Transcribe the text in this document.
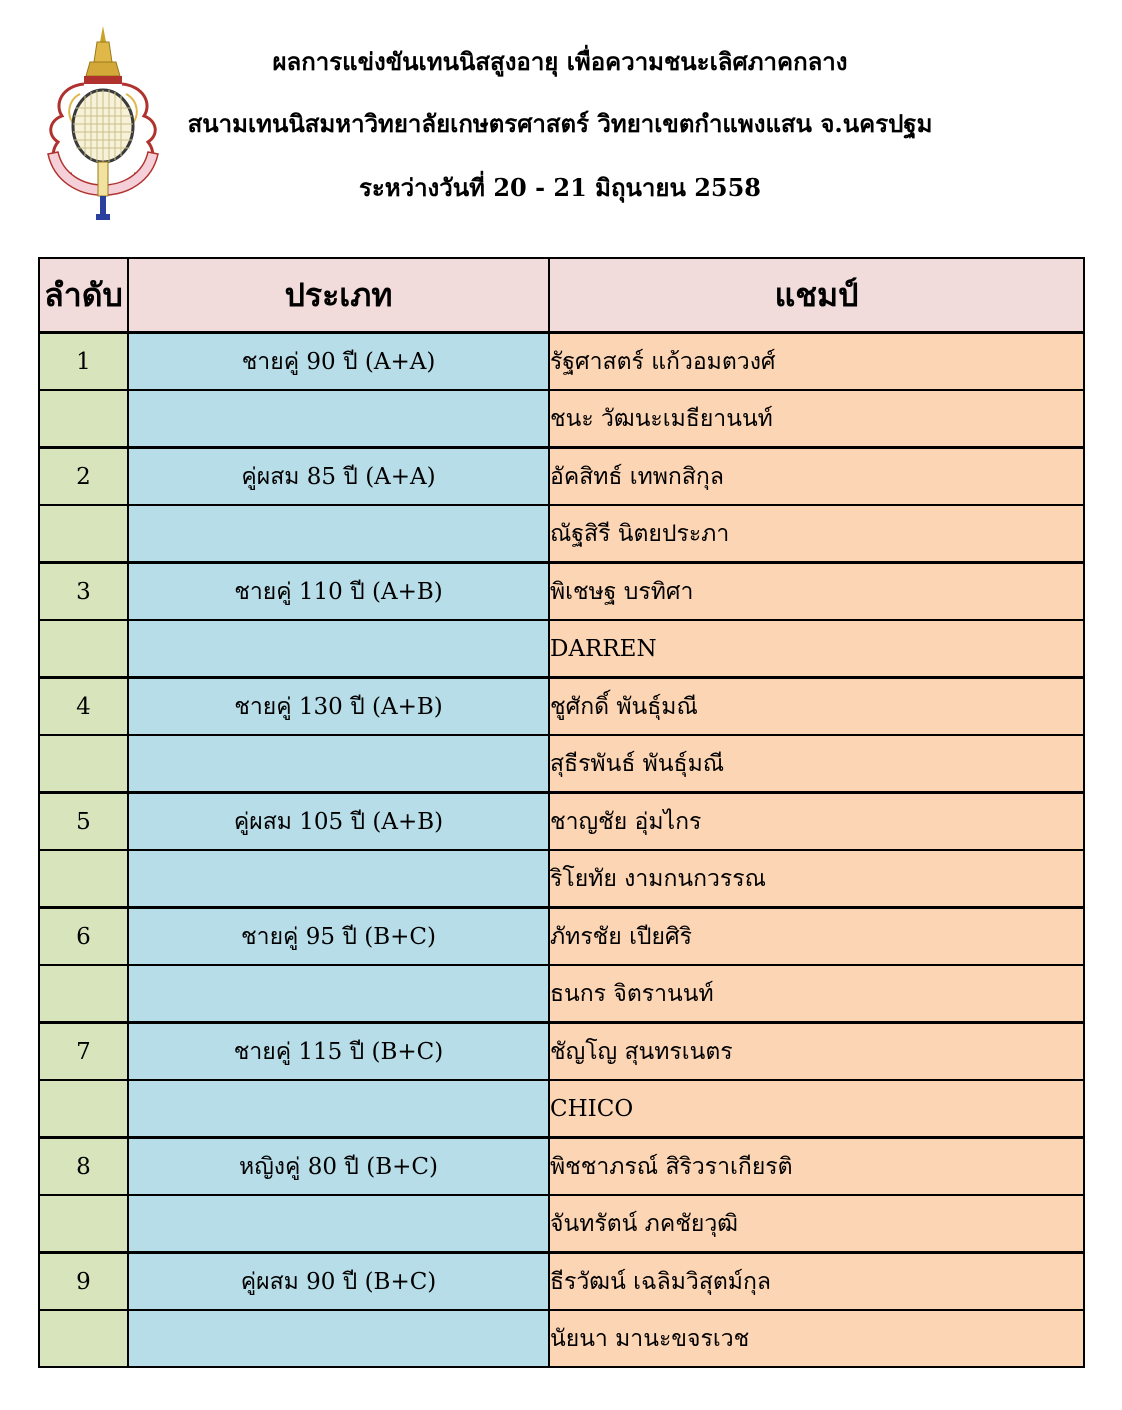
ผลการแข่งขันเทนนิสสูงอายุ เพื่อความชนะเลิศภาคกลาง
สนามเทนนิสมหาวิทยาลัยเกษตรศาสตร์ วิทยาเขตกำแพงแสน จ.นครปฐม
ระหว่างวันที่ 20 - 21 มิถุนายน 2558
ลำดับ	ประเภท	แชมป์
1	ชายคู่ 90 ปี (A+A)	รัฐศาสตร์ แก้วอมตวงศ์
		ชนะ วัฒนะเมธียานนท์
2	คู่ผสม 85 ปี (A+A)	อัคสิทธ์ เทพกสิกุล
		ณัฐสิรี นิตยประภา
3	ชายคู่ 110 ปี (A+B)	พิเชษฐ บรทิศา
		DARREN
4	ชายคู่ 130 ปี (A+B)	ชูศักดิ์ พันธุ์มณี
		สุธีรพันธ์ พันธุ์มณี
5	คู่ผสม 105 ปี (A+B)	ชาญชัย อุ่มไกร
		ริโยทัย งามกนกวรรณ
6	ชายคู่ 95 ปี (B+C)	ภัทรชัย เปียศิริ
		ธนกร จิตรานนท์
7	ชายคู่ 115 ปี (B+C)	ชัญโญ สุนทรเนตร
		CHICO
8	หญิงคู่ 80 ปี (B+C)	พิชชาภรณ์ สิริวราเกียรติ
		จันทรัตน์ ภคชัยวุฒิ
9	คู่ผสม 90 ปี (B+C)	ธีรวัฒน์ เฉลิมวิสุตม์กุล
		นัยนา มานะขจรเวช
